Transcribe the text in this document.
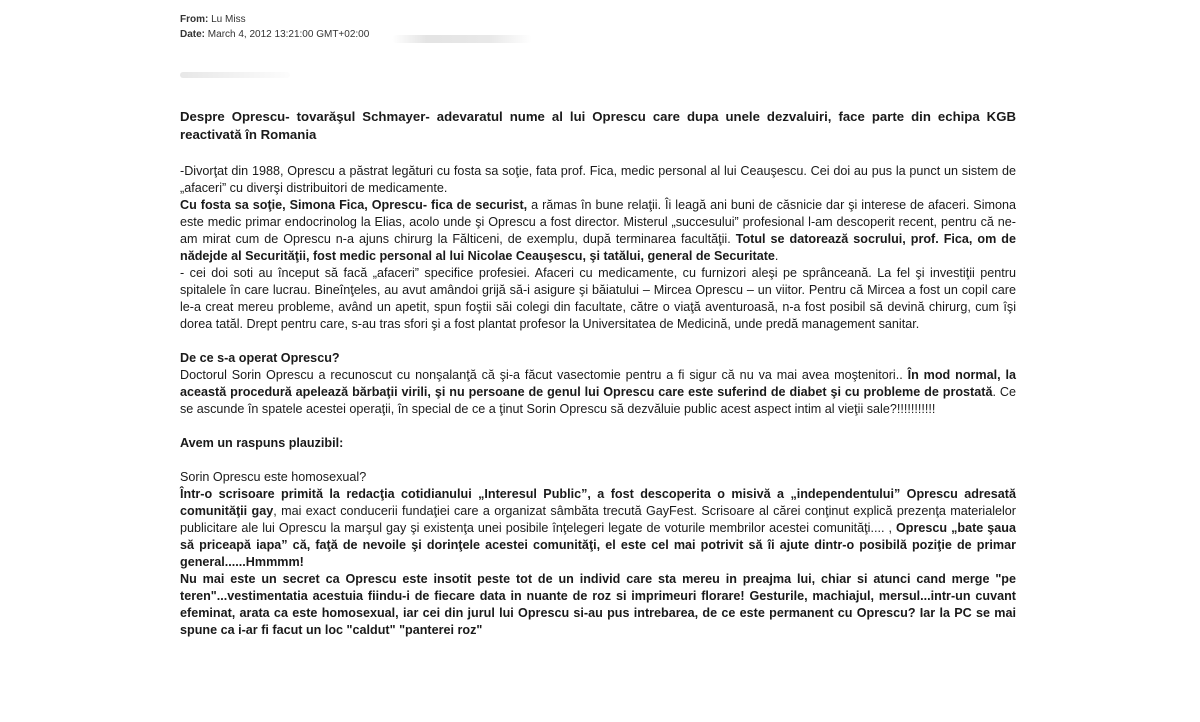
From: Lu Miss
Date: March 4, 2012 13:21:00 GMT+02:00

Despre Oprescu- tovarăşul Schmayer- adevaratul nume al lui Oprescu care dupa unele dezvaluiri, face parte din echipa KGB reactivată în Romania

-Divorţat din 1988, Oprescu a păstrat legături cu fosta sa soţie, fata prof. Fica, medic personal al lui Ceauşescu. Cei doi au pus la punct un sistem de „afaceri” cu diverşi distribuitori de medicamente.

Cu fosta sa soţie, Simona Fica, Oprescu- fica de securist, a rămas în bune relaţii. Îi leagă ani buni de căsnicie dar şi interese de afaceri. Simona este medic primar endocrinolog la Elias, acolo unde şi Oprescu a fost director. Misterul „succesului” profesional l-am descoperit recent, pentru că ne-am mirat cum de Oprescu n-a ajuns chirurg la Fălticeni, de exemplu, după terminarea facultăţii. Totul se datorează socrului, prof. Fica, om de nădejde al Securităţii, fost medic personal al lui Nicolae Ceauşescu, şi tatălui, general de Securitate.

- cei doi soti au început să facă „afaceri” specifice profesiei. Afaceri cu medicamente, cu furnizori aleşi pe sprânceană. La fel şi investiţii pentru spitalele în care lucrau. Bineînţeles, au avut amândoi grijă să-i asigure şi băiatului – Mircea Oprescu – un viitor. Pentru că Mircea a fost un copil care le-a creat mereu probleme, având un apetit, spun foştii săi colegi din facultate, către o viaţă aventuroasă, n-a fost posibil să devină chirurg, cum îşi dorea tatăl. Drept pentru care, s-au tras sfori şi a fost plantat profesor la Universitatea de Medicină, unde predă management sanitar.

De ce s-a operat Oprescu?

Doctorul Sorin Oprescu a recunoscut cu nonşalanţă că şi-a făcut vasectomie pentru a fi sigur că nu va mai avea moştenitori.. În mod normal, la această procedură apelează bărbaţii virili, şi nu persoane de genul lui Oprescu care este suferind de diabet şi cu probleme de prostată. Ce se ascunde în spatele acestei operaţii, în special de ce a ţinut Sorin Oprescu să dezvăluie public acest aspect intim al vieţii sale?!!!!!!!!!!!

Avem un raspuns plauzibil:

Sorin Oprescu este homosexual?

Într-o scrisoare primită la redacţia cotidianului „Interesul Public”, a fost descoperita o misivă a „independentului” Oprescu adresată comunităţii gay, mai exact conducerii fundaţiei care a organizat sâmbăta trecută GayFest. Scrisoare al cărei conţinut explică prezenţa materialelor publicitare ale lui Oprescu la marşul gay şi existenţa unei posibile înţelegeri legate de voturile membrilor acestei comunităţi.... , Oprescu „bate şaua să priceapă iapa” că, faţă de nevoile şi dorinţele acestei comunităţi, el este cel mai potrivit să îi ajute dintr-o posibilă poziţie de primar general......Hmmmm!

Nu mai este un secret ca Oprescu este insotit peste tot de un individ care sta mereu in preajma lui, chiar si atunci cand merge "pe teren"...vestimentatia acestuia fiindu-i de fiecare data in nuante de roz si imprimeuri florare! Gesturile, machiajul, mersul...intr-un cuvant efeminat, arata ca este homosexual, iar cei din jurul lui Oprescu si-au pus intrebarea, de ce este permanent cu Oprescu? Iar la PC se mai spune ca i-ar fi facut un loc "caldut" "panterei roz"
